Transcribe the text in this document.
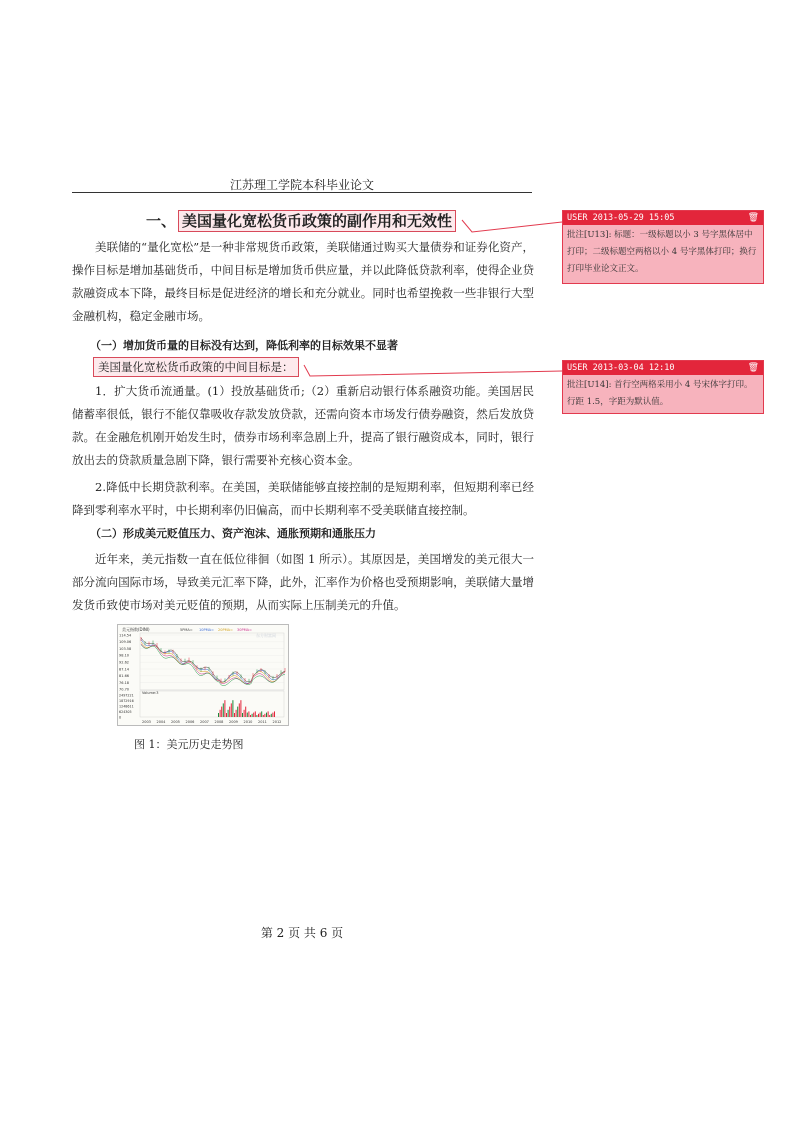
江苏理工学院本科毕业论文
一、 美国量化宽松货币政策的副作用和无效性

美联储的“量化宽松”是一种非常规货币政策，美联储通过购买大量债券和证券化资产，操作目标是增加基础货币，中间目标是增加货币供应量，并以此降低贷款利率，使得企业贷款融资成本下降，最终目标是促进经济的增长和充分就业。同时也希望挽救一些非银行大型金融机构，稳定金融市场。

（一）增加货币量的目标没有达到，降低利率的目标效果不显著
美国量化宽松货币政策的中间目标是：

1．扩大货币流通量。(1）投放基础货币;（2）重新启动银行体系融资功能。美国居民储蓄率很低，银行不能仅靠吸收存款发放贷款，还需向资本市场发行债券融资，然后发放贷款。在金融危机刚开始发生时，债券市场利率急剧上升，提高了银行融资成本，同时，银行放出去的贷款质量急剧下降，银行需要补充核心资本金。

2.降低中长期贷款利率。在美国，美联储能够直接控制的是短期利率，但短期利率已经降到零利率水平时，中长期利率仍旧偏高，而中长期利率不受美联储直接控制。

（二）形成美元贬值压力、资产泡沫、通胀预期和通胀压力

近年来，美元指数一直在低位徘徊（如图 1 所示）。其原因是，美国增发的美元很大一部分流向国际市场，导致美元汇率下降，此外，汇率作为价格也受预期影响，美联储大量增发货币致使市场对美元贬值的预期，从而实际上压制美元的升值。

美元指数(DINI)	5PMA= 10PMA= 20PMA= 30PMA=
东方财富网
114.54
109.06
103.58
98.10
92.62
87.14
81.66
76.18
70.70
Volume:3
2497221
1872916
1248611
624305
0
2003 2004 2005 2006 2007 2008 2009 2010 2011 2012
图 1：美元历史走势图
第 2 页 共 6 页
USER 2013-05-29 15:05	🗑
批注[U13]: 标题：一级标题以小 3 号字黑体居中打印；二级标题空两格以小 4 号字黑体打印；换行打印毕业论文正文。
USER 2013-03-04 12:10	🗑
批注[U14]: 首行空两格采用小 4 号宋体字打印。行距 1.5，字距为默认值。
